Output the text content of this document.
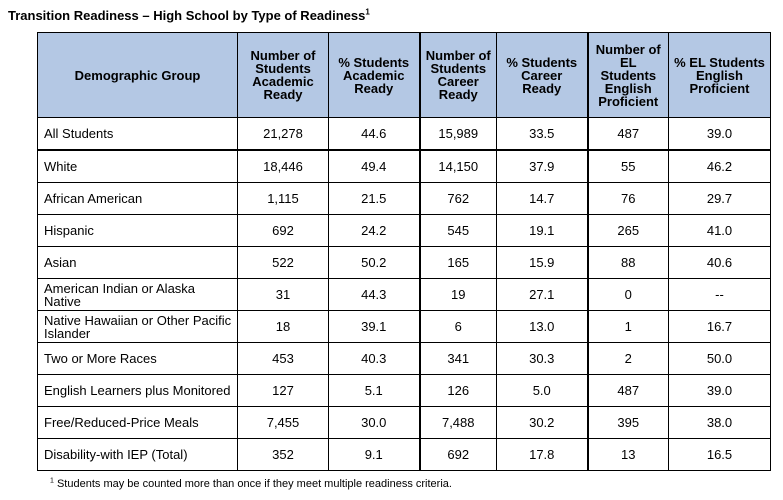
Transition Readiness – High School by Type of Readiness$^1$
Demographic Group	Number of Students Academic Ready	% Students Academic Ready	Number of Students Career Ready	% Students Career Ready	Number of EL Students English Proficient	% EL Students English Proficient
All Students	21,278	44.6	15,989	33.5	487	39.0
White	18,446	49.4	14,150	37.9	55	46.2
African American	1,115	21.5	762	14.7	76	29.7
Hispanic	692	24.2	545	19.1	265	41.0
Asian	522	50.2	165	15.9	88	40.6
American Indian or Alaska Native	31	44.3	19	27.1	0	--
Native Hawaiian or Other Pacific Islander	18	39.1	6	13.0	1	16.7
Two or More Races	453	40.3	341	30.3	2	50.0
English Learners plus Monitored	127	5.1	126	5.0	487	39.0
Free/Reduced-Price Meals	7,455	30.0	7,488	30.2	395	38.0
Disability-with IEP (Total)	352	9.1	692	17.8	13	16.5
$^1$ Students may be counted more than once if they meet multiple readiness criteria.
